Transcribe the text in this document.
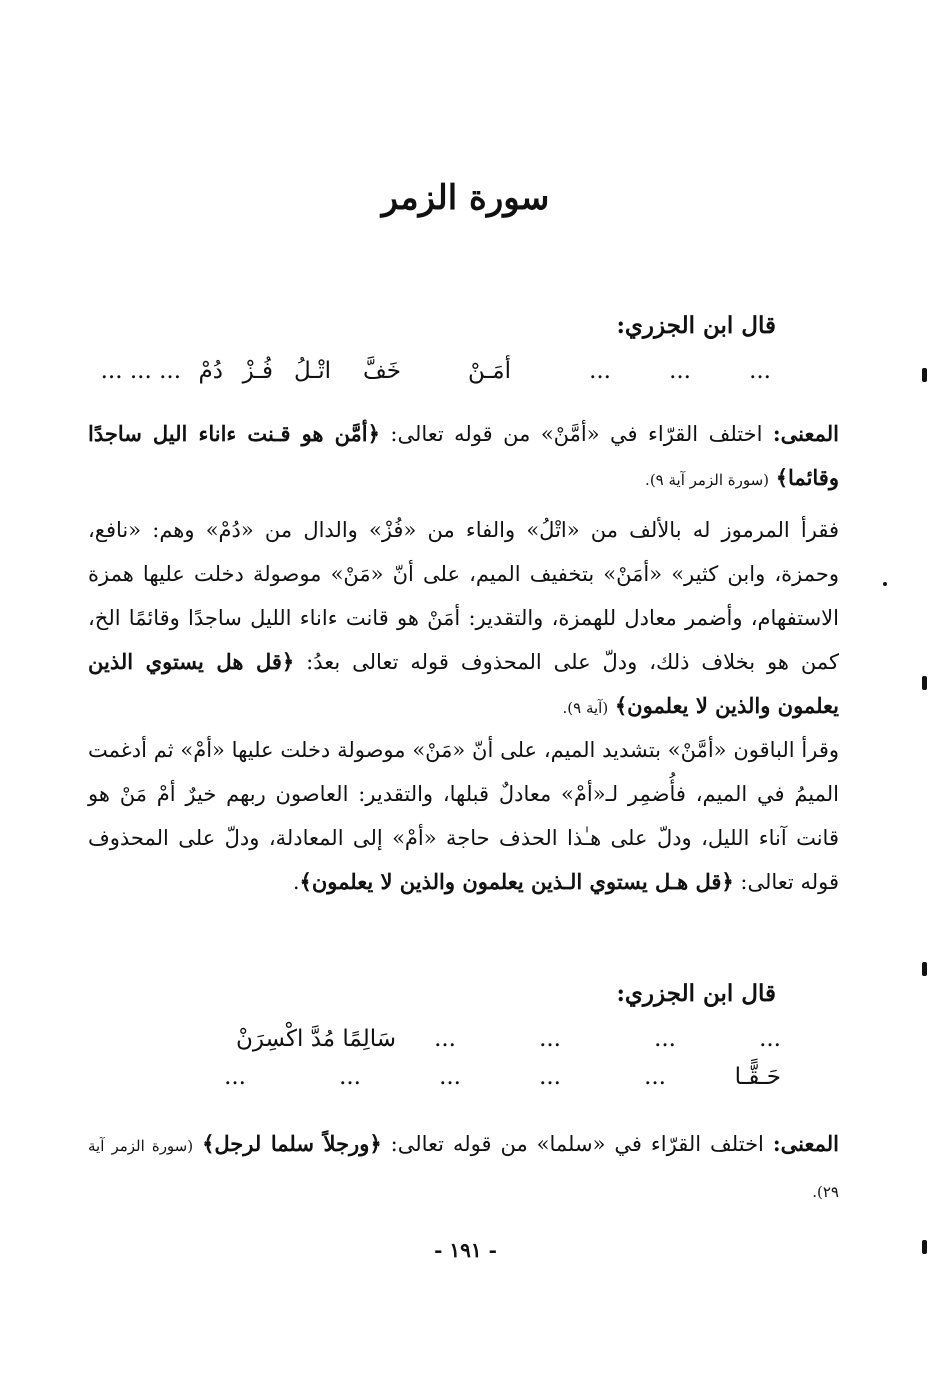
سورة الزمر
قال ابن الجزري:
...
...
...
أمَـنْ
خَفَّ
اتْـلُ
فُـزْ
دُمْ
... ... ...
المعنى: اختلف القرّاء في «أمَّنْ» من قوله تعالى: ﴿أمَّن هو قـنت ءاناء اليل ساجدًا وقائما﴾ (سورة الزمر آية ٩).
فقرأ المرموز له بالألف من «اتْلُ» والفاء من «فُزْ» والدال من «دُمْ» وهم: «نافع، وحمزة، وابن كثير» «أمَنْ» بتخفيف الميم، على أنّ «مَنْ» موصولة دخلت عليها همزة الاستفهام، وأضمر معادل للهمزة، والتقدير: أمَنْ هو قانت ءاناء الليل ساجدًا وقائمًا الخ، كمن هو بخلاف ذلك، ودلّ على المحذوف قوله تعالى بعدُ: ﴿قل هل يستوي الذين يعلمون والذين لا يعلمون﴾ (آية ٩).
وقرأ الباقون «أمَّنْ» بتشديد الميم، على أنّ «مَنْ» موصولة دخلت عليها «أمْ» ثم أدغمت الميمُ في الميم، فأُضمِر لـ«أمْ» معادلٌ قبلها، والتقدير: العاصون ربهم خيرٌ أمْ مَنْ هو قانت آناء الليل، ودلّ على هـٰذا الحذف حاجة «أمْ» إلى المعادلة، ودلّ على المحذوف قوله تعالى: ﴿قل هـل يستوي الـذين يعلمون والذين لا يعلمون﴾.
قال ابن الجزري:
...
...
...
...
سَالِمًا مُدَّ اكْسِرَنْ
حَـقًّـا
...
...
...
...
...
المعنى: اختلف القرّاء في «سلما» من قوله تعالى: ﴿ورجلاً سلما لرجل﴾ (سورة الزمر آية ٢٩).
- ١٩١ -
